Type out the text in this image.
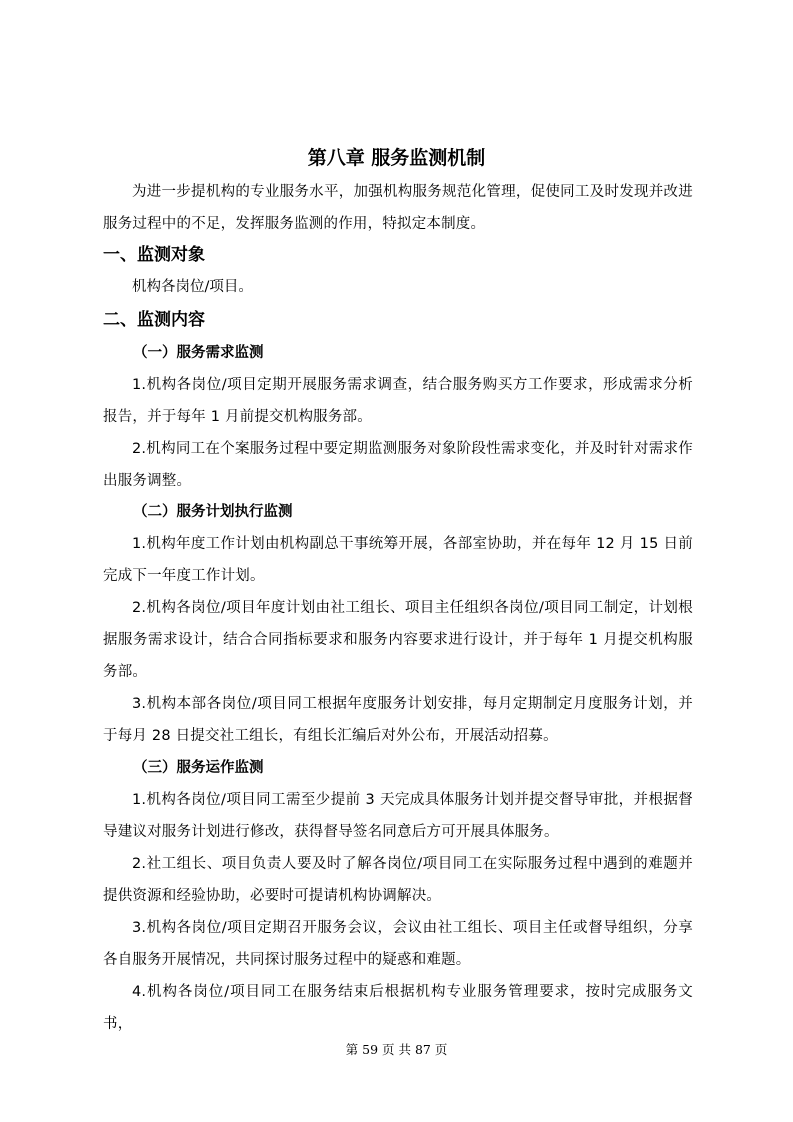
第八章 服务监测机制
为进一步提机构的专业服务水平，加强机构服务规范化管理，促使同工及时发现并改进服务过程中的不足，发挥服务监测的作用，特拟定本制度。
一、监测对象
机构各岗位/项目。
二、监测内容
（一）服务需求监测
1.机构各岗位/项目定期开展服务需求调查，结合服务购买方工作要求，形成需求分析报告，并于每年 1 月前提交机构服务部。
2.机构同工在个案服务过程中要定期监测服务对象阶段性需求变化，并及时针对需求作出服务调整。
（二）服务计划执行监测
1.机构年度工作计划由机构副总干事统筹开展，各部室协助，并在每年 12 月 15 日前完成下一年度工作计划。
2.机构各岗位/项目年度计划由社工组长、项目主任组织各岗位/项目同工制定，计划根据服务需求设计，结合合同指标要求和服务内容要求进行设计，并于每年 1 月提交机构服务部。
3.机构本部各岗位/项目同工根据年度服务计划安排，每月定期制定月度服务计划，并于每月 28 日提交社工组长，有组长汇编后对外公布，开展活动招募。
（三）服务运作监测
1.机构各岗位/项目同工需至少提前 3 天完成具体服务计划并提交督导审批，并根据督导建议对服务计划进行修改，获得督导签名同意后方可开展具体服务。
2.社工组长、项目负责人要及时了解各岗位/项目同工在实际服务过程中遇到的难题并提供资源和经验协助，必要时可提请机构协调解决。
3.机构各岗位/项目定期召开服务会议，会议由社工组长、项目主任或督导组织，分享各自服务开展情况，共同探讨服务过程中的疑惑和难题。
4.机构各岗位/项目同工在服务结束后根据机构专业服务管理要求，按时完成服务文书，
第 59 页 共 87 页
